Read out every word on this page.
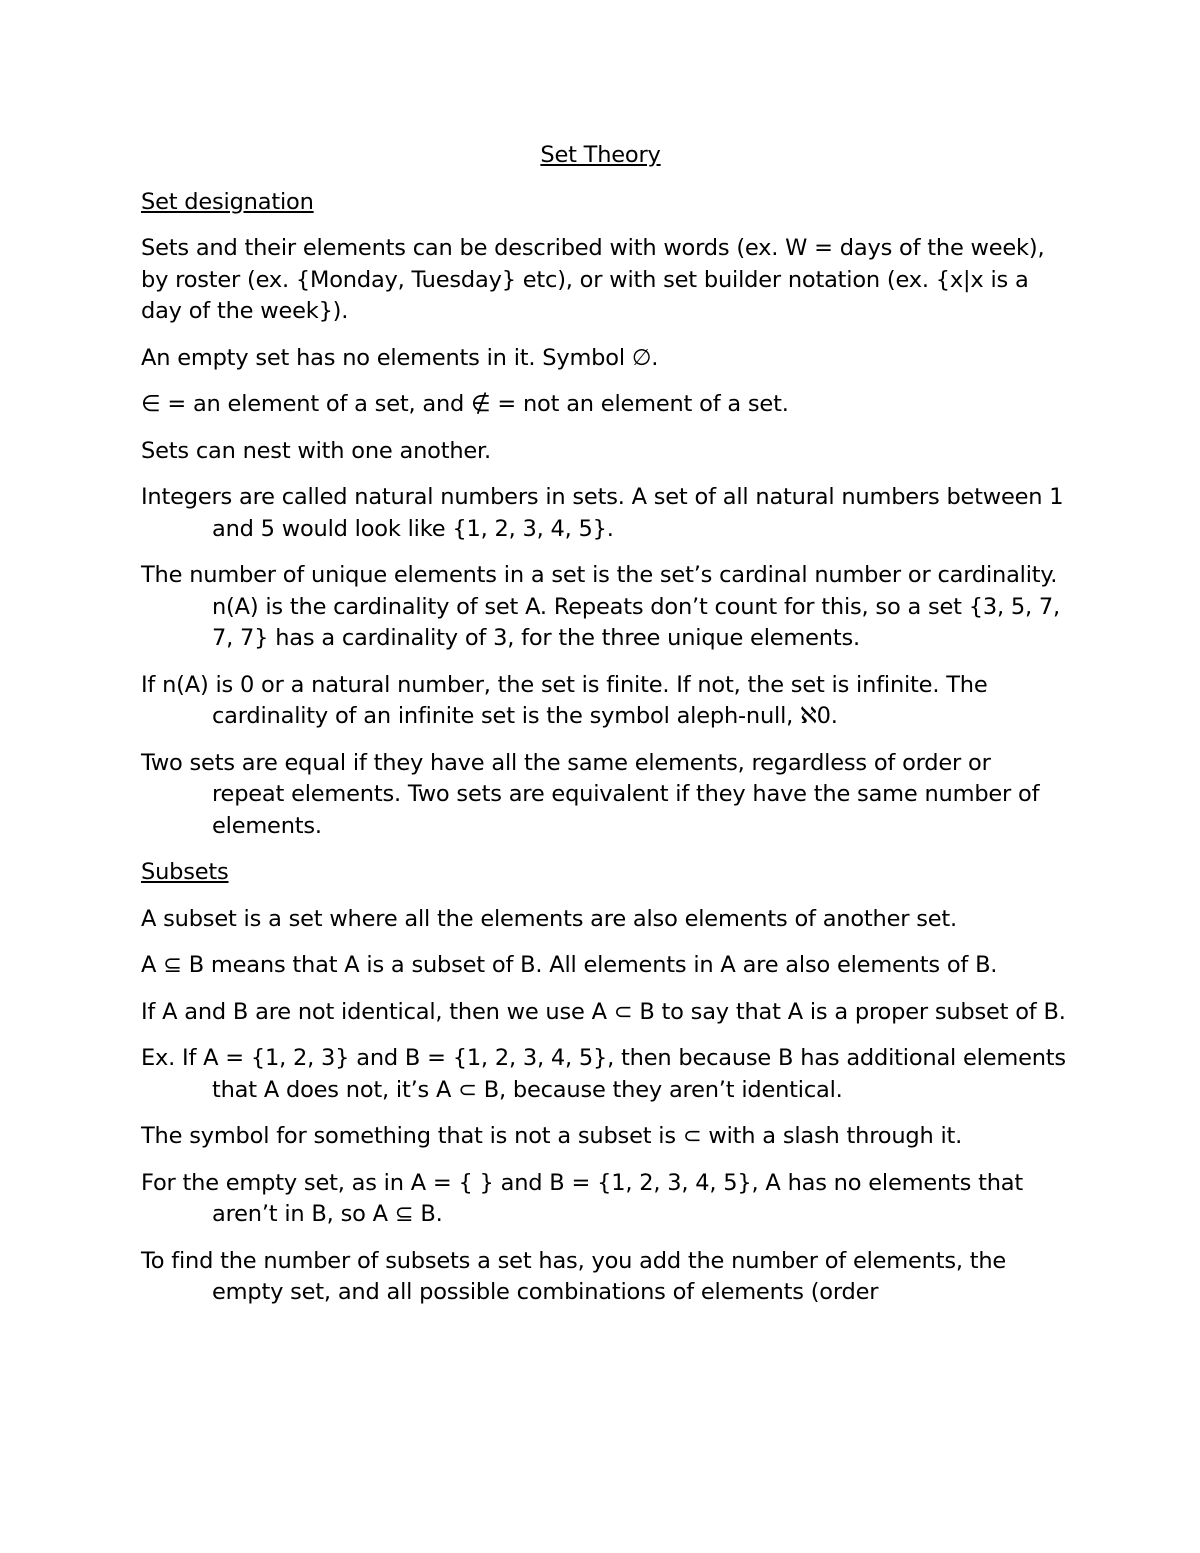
Set Theory
Set designation
Sets and their elements can be described with words (ex. W = days of the week), by roster (ex. {Monday, Tuesday} etc), or with set builder notation (ex. {x|x is a day of the week}).
An empty set has no elements in it. Symbol ∅.
∈ = an element of a set, and ∉ = not an element of a set.
Sets can nest with one another.
Integers are called natural numbers in sets. A set of all natural numbers between 1 and 5 would look like {1, 2, 3, 4, 5}.
The number of unique elements in a set is the set’s cardinal number or cardinality. n(A) is the cardinality of set A. Repeats don’t count for this, so a set {3, 5, 7, 7, 7} has a cardinality of 3, for the three unique elements.
If n(A) is 0 or a natural number, the set is finite. If not, the set is infinite. The cardinality of an infinite set is the symbol aleph-null, ℵ0.
Two sets are equal if they have all the same elements, regardless of order or repeat elements. Two sets are equivalent if they have the same number of elements.
Subsets
A subset is a set where all the elements are also elements of another set.
A ⊆ B means that A is a subset of B. All elements in A are also elements of B.
If A and B are not identical, then we use A ⊂ B to say that A is a proper subset of B.
Ex. If A = {1, 2, 3} and B = {1, 2, 3, 4, 5}, then because B has additional elements that A does not, it’s A ⊂ B, because they aren’t identical.
The symbol for something that is not a subset is ⊂ with a slash through it.
For the empty set, as in A = { } and B = {1, 2, 3, 4, 5}, A has no elements that aren’t in B, so A ⊆ B.
To find the number of subsets a set has, you add the number of elements, the empty set, and all possible combinations of elements (order
